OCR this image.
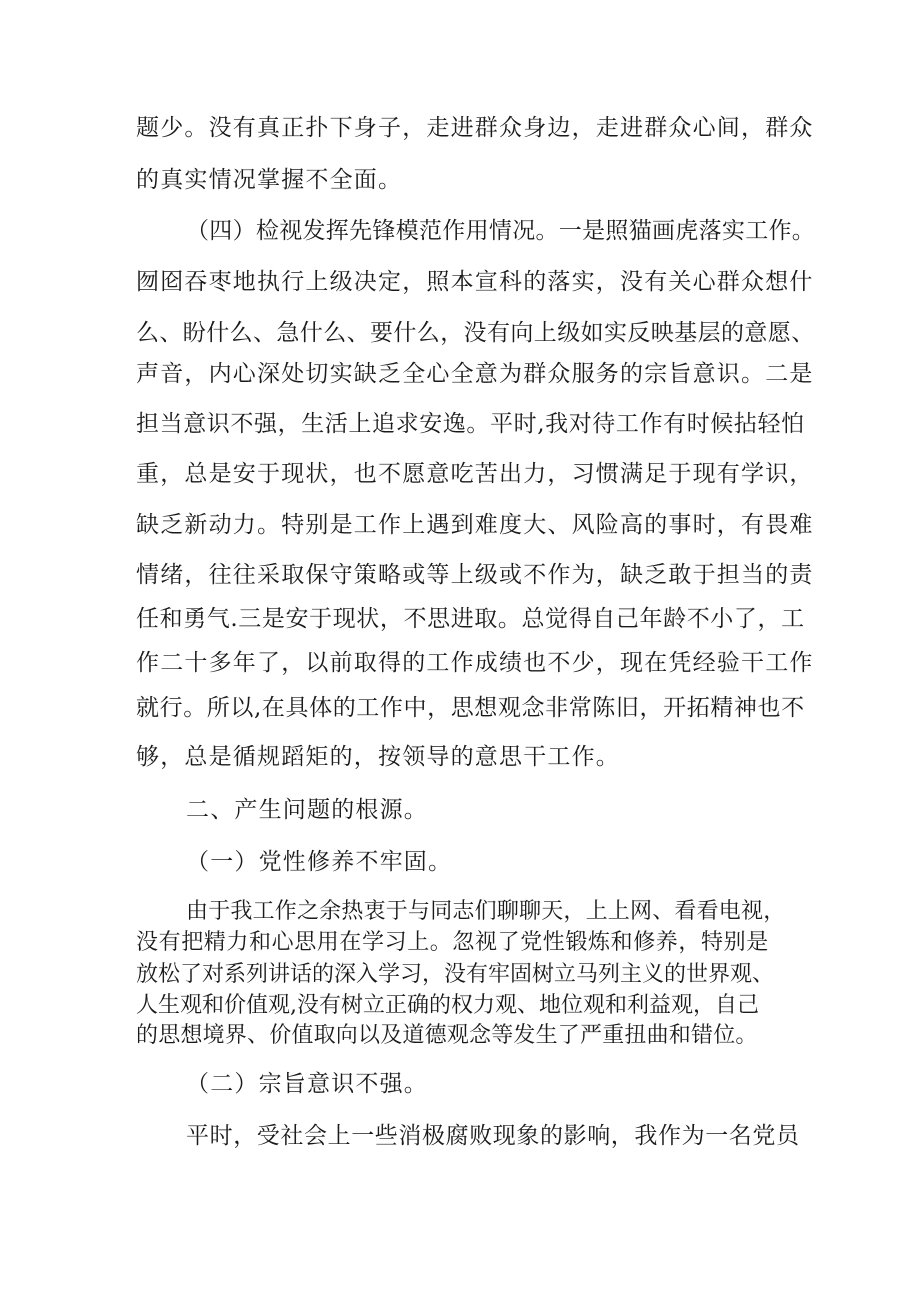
题少。没有真正扑下身子，走进群众身边，走进群众心间，群众
的真实情况掌握不全面。
（四）检视发挥先锋模范作用情况。一是照猫画虎落实工作。
囫囵吞枣地执行上级决定，照本宣科的落实，没有关心群众想什
么、盼什么、急什么、要什么，没有向上级如实反映基层的意愿、
声音，内心深处切实缺乏全心全意为群众服务的宗旨意识。二是
担当意识不强，生活上追求安逸。平时,我对待工作有时候拈轻怕
重，总是安于现状，也不愿意吃苦出力，习惯满足于现有学识，
缺乏新动力。特别是工作上遇到难度大、风险高的事时，有畏难
情绪，往往采取保守策略或等上级或不作为，缺乏敢于担当的责
任和勇气.三是安于现状，不思进取。总觉得自己年龄不小了，工
作二十多年了，以前取得的工作成绩也不少，现在凭经验干工作
就行。所以,在具体的工作中，思想观念非常陈旧，开拓精神也不
够，总是循规蹈矩的，按领导的意思干工作。
二、产生问题的根源。
（一）党性修养不牢固。
由于我工作之余热衷于与同志们聊聊天，上上网、看看电视，
没有把精力和心思用在学习上。忽视了党性锻炼和修养，特别是
放松了对系列讲话的深入学习，没有牢固树立马列主义的世界观、
人生观和价值观,没有树立正确的权力观、地位观和利益观，自己
的思想境界、价值取向以及道德观念等发生了严重扭曲和错位。
（二）宗旨意识不强。
平时，受社会上一些消极腐败现象的影响，我作为一名党员
